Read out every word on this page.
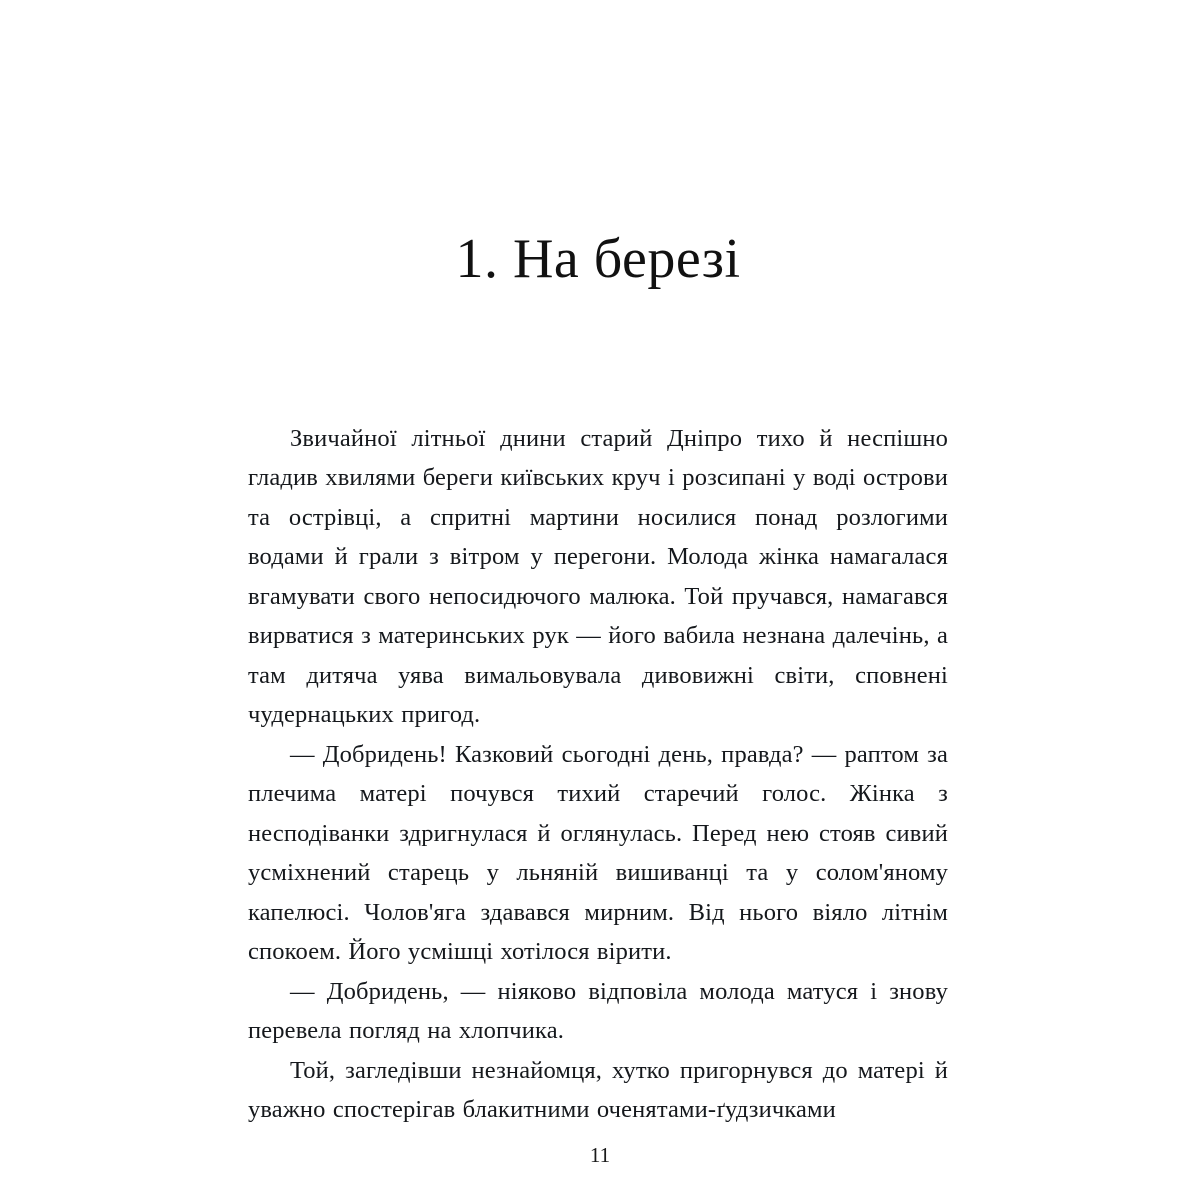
1. На березі

Звичайної літньої днини старий Дніпро тихо й неспішно гладив хвилями береги київських круч і розсипані у воді острови та острівці, а спритні мартини носилися понад розлогими водами й грали з вітром у перегони. Молода жінка намагалася вгамувати свого непосидючого малюка. Той пручався, намагався вирватися з материнських рук — його вабила незнана далечінь, а там дитяча уява вимальовувала дивовижні світи, сповнені чудернацьких пригод.

— Добридень! Казковий сьогодні день, правда? — раптом за плечима матері почувся тихий старечий голос. Жінка з несподіванки здригнулася й оглянулась. Перед нею стояв сивий усміхнений старець у льняній вишиванці та у солом'яному капелюсі. Чолов'яга здавався мирним. Від нього віяло літнім спокоем. Його усмішці хотілося вірити.

— Добридень, — ніяково відповіла молода матуся і знову перевела погляд на хлопчика.

Той, загледівши незнайомця, хутко пригорнувся до матері й уважно спостерігав блакитними оченятами-ґудзичками

11
